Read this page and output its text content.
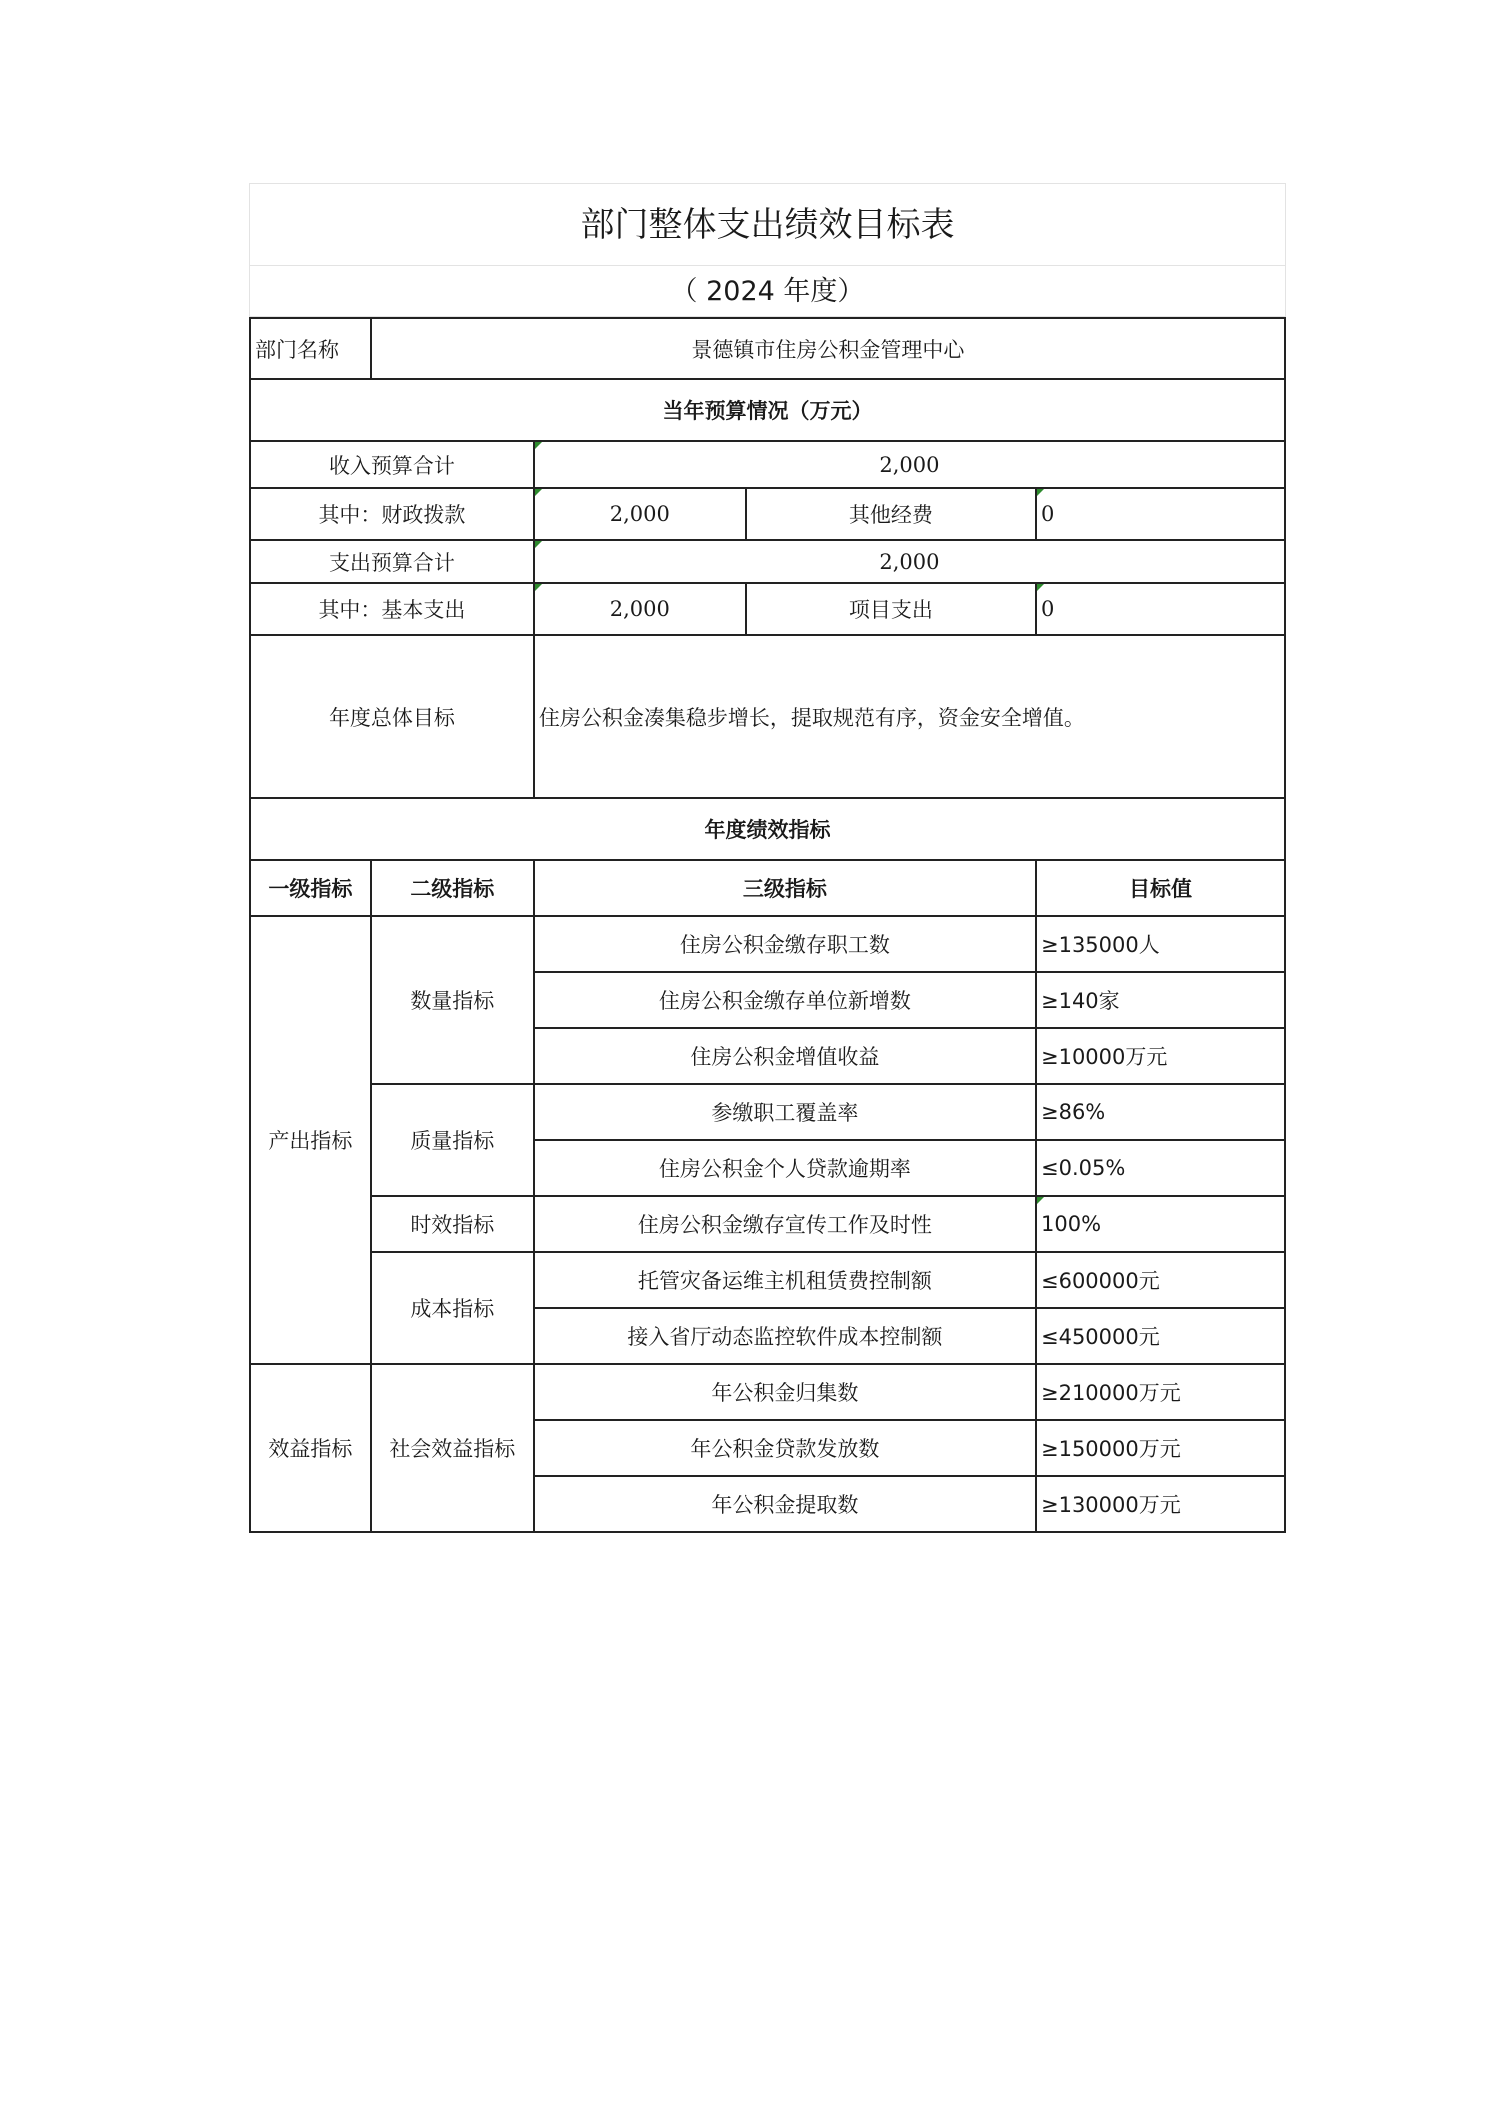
部门整体支出绩效目标表
（ 2024 年度）
部门名称	景德镇市住房公积金管理中心			
当年预算情况（万元）				
收入预算合计		2,000		
其中：财政拨款		2,000	其他经费	0
支出预算合计		2,000		
其中：基本支出		2,000	项目支出	0
年度总体目标		住房公积金凑集稳步增长，提取规范有序，资金安全增值。		
年度绩效指标				
一级指标	二级指标	三级指标		目标值
产出指标	数量指标	住房公积金缴存职工数		≥135000人
		住房公积金缴存单位新增数		≥140家
		住房公积金增值收益		≥10000万元
	质量指标	参缴职工覆盖率		≥86%
		住房公积金个人贷款逾期率		≤0.05%
	时效指标	住房公积金缴存宣传工作及时性		100%
	成本指标	托管灾备运维主机租赁费控制额		≤600000元
		接入省厅动态监控软件成本控制额		≤450000元
效益指标	社会效益指标	年公积金归集数		≥210000万元
		年公积金贷款发放数		≥150000万元
		年公积金提取数		≥130000万元
